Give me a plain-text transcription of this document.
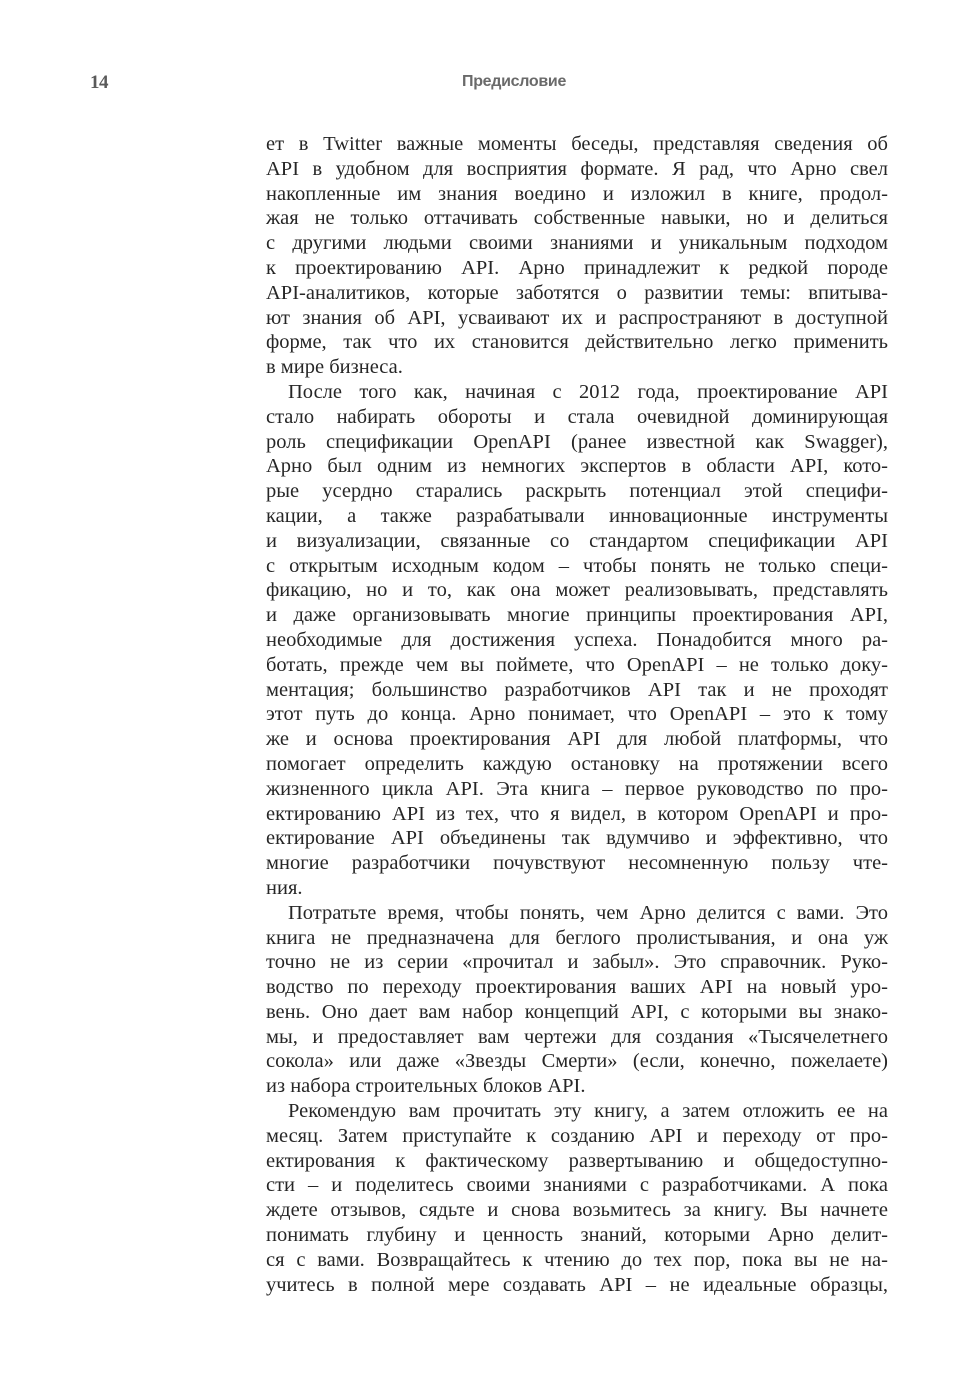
14	Предисловие
ет в Twitter важные моменты беседы, представляя сведения об
API в удобном для восприятия формате. Я рад, что Арно свел
накопленные им знания воедино и изложил в книге, продол-
жая не только оттачивать собственные навыки, но и делиться
с другими людьми своими знаниями и уникальным подходом
к проектированию API. Арно принадлежит к редкой породе
API-аналитиков, которые заботятся о развитии темы: впитыва-
ют знания об API, усваивают их и распространяют в доступной
форме, так что их становится действительно легко применить
в мире бизнеса.
После того как, начиная с 2012 года, проектирование API
стало набирать обороты и стала очевидной доминирующая
роль спецификации OpenAPI (ранее известной как Swagger),
Арно был одним из немногих экспертов в области API, кото-
рые усердно старались раскрыть потенциал этой специфи-
кации, а также разрабатывали инновационные инструменты
и визуализации, связанные со стандартом спецификации API
с открытым исходным кодом – чтобы понять не только специ-
фикацию, но и то, как она может реализовывать, представлять
и даже организовывать многие принципы проектирования API,
необходимые для достижения успеха. Понадобится много ра-
ботать, прежде чем вы поймете, что OpenAPI – не только доку-
ментация; большинство разработчиков API так и не проходят
этот путь до конца. Арно понимает, что OpenAPI – это к тому
же и основа проектирования API для любой платформы, что
помогает определить каждую остановку на протяжении всего
жизненного цикла API. Эта книга – первое руководство по про-
ектированию API из тех, что я видел, в котором OpenAPI и про-
ектирование API объединены так вдумчиво и эффективно, что
многие разработчики почувствуют несомненную пользу чте-
ния.
Потратьте время, чтобы понять, чем Арно делится с вами. Это
книга не предназначена для беглого пролистывания, и она уж
точно не из серии «прочитал и забыл». Это справочник. Руко-
водство по переходу проектирования ваших API на новый уро-
вень. Оно дает вам набор концепций API, с которыми вы знако-
мы, и предоставляет вам чертежи для создания «Тысячелетнего
сокола» или даже «Звезды Смерти» (если, конечно, пожелаете)
из набора строительных блоков API.
Рекомендую вам прочитать эту книгу, а затем отложить ее на
месяц. Затем приступайте к созданию API и переходу от про-
ектирования к фактическому развертыванию и общедоступно-
сти – и поделитесь своими знаниями с разработчиками. А пока
ждете отзывов, сядьте и снова возьмитесь за книгу. Вы начнете
понимать глубину и ценность знаний, которыми Арно делит-
ся с вами. Возвращайтесь к чтению до тех пор, пока вы не на-
учитесь в полной мере создавать API – не идеальные образцы,
